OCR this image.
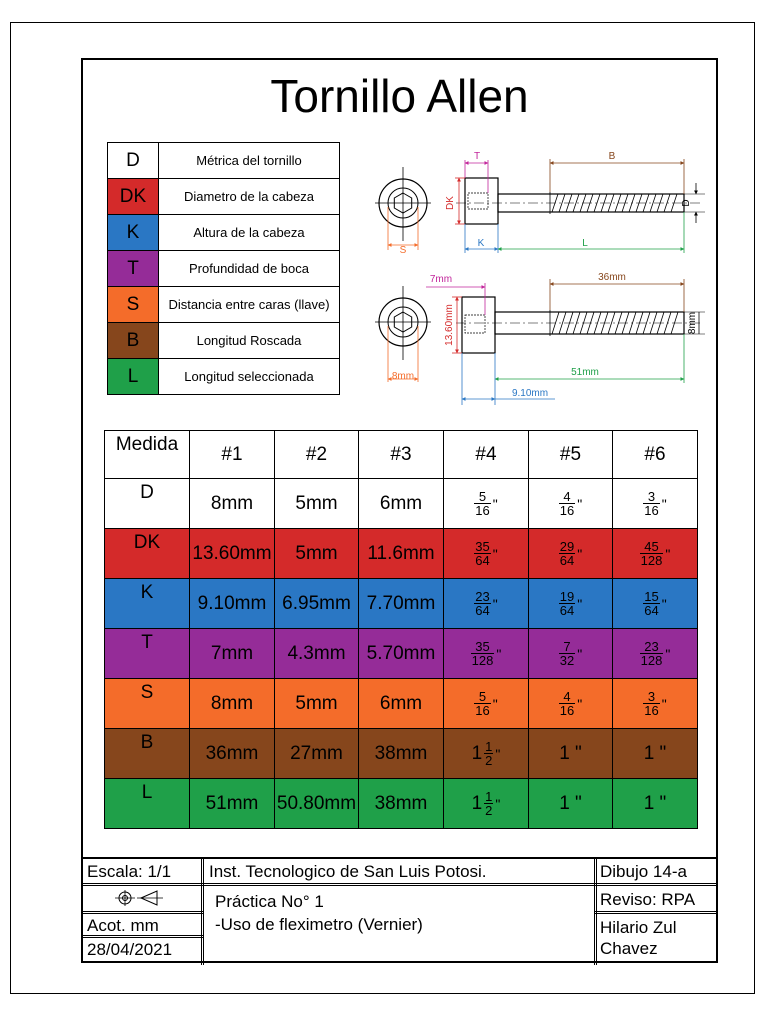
Tornillo Allen
D	Métrica del tornillo
DK	Diametro de la cabeza
K	Altura de la cabeza
T	Profundidad de boca
S	Distancia entre caras (llave)
B	Longitud Roscada
L	Longitud seleccionada
S
T	B
DK	D
K	L
8mm
7mm	36mm
13.60mm	8mm
51mm
9.10mm
Medida	#1	#2	#3	#4	#5	#6
D	8mm	5mm	6mm	$\frac{5}{16}$ "	$\frac{4}{16}$ "	$\frac{3}{16}$ "
DK	13.60mm	5mm	11.6mm	$\frac{35}{64}$ "	$\frac{29}{64}$ "	$\frac{45}{128}$ "
K	9.10mm	6.95mm	7.70mm	$\frac{23}{64}$ "	$\frac{19}{64}$ "	$\frac{15}{64}$ "
T	7mm	4.3mm	5.70mm	$\frac{35}{128}$ "	$\frac{7}{32}$ "	$\frac{23}{128}$ "
S	8mm	5mm	6mm	$\frac{5}{16}$ "	$\frac{4}{16}$ "	$\frac{3}{16}$ "
B	36mm	27mm	38mm	$1 \frac{1}{2}$ "	1 "	1 "
L	51mm	50.80mm	38mm	$1 \frac{1}{2}$ "	1 "	1 "
Escala: 1/1 Inst. Tecnologico de San Luis Potosi.	Dibujo 14-a
Práctica No° 1
-Uso de fleximetro (Vernier)
Reviso: RPA
Acot. mm
28/04/2021
Hilario Zul
Chavez
